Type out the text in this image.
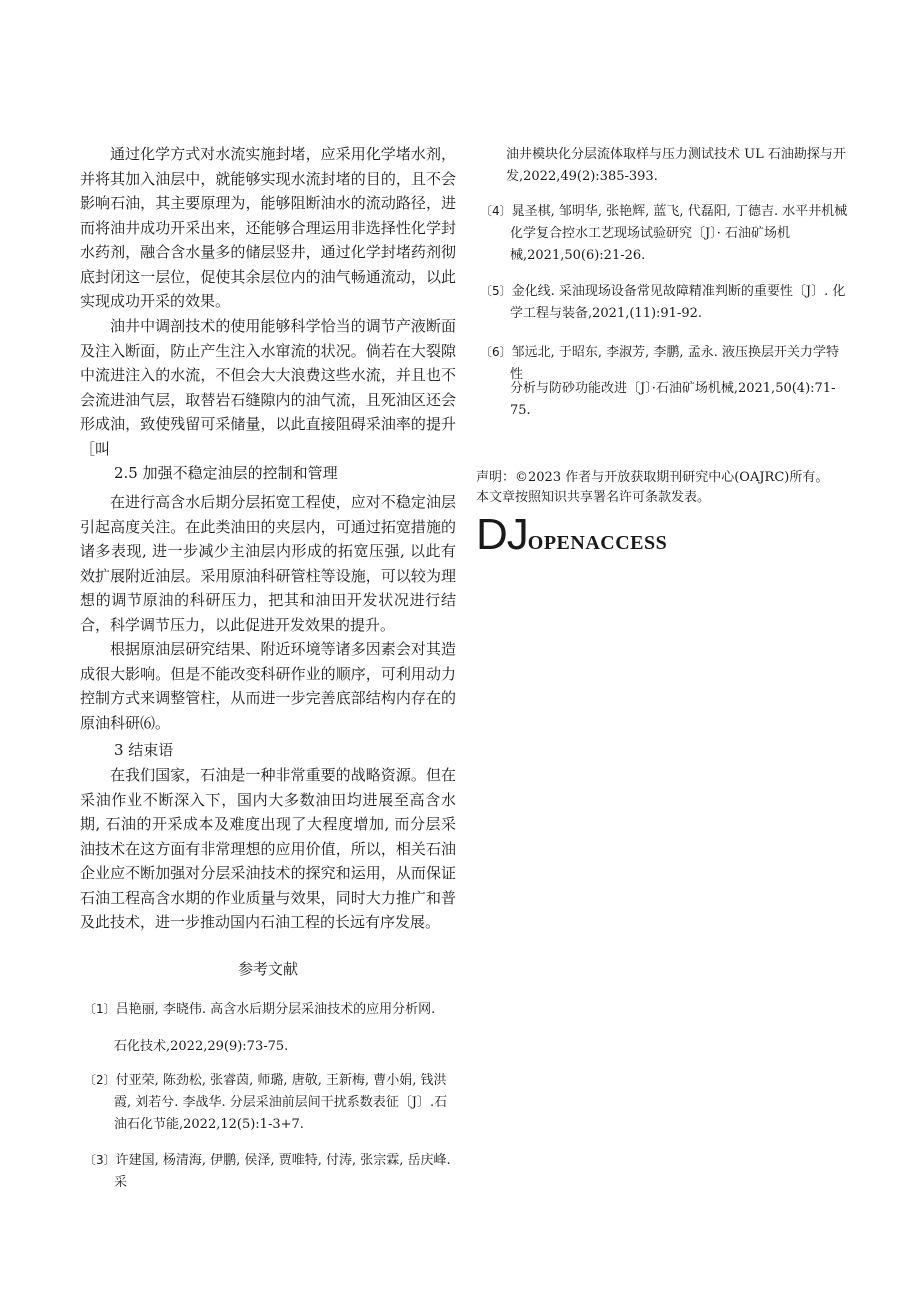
通过化学方式对水流实施封堵，应采用化学堵水剂，并将其加入油层中，就能够实现水流封堵的目的，且不会影响石油，其主要原理为，能够阻断油水的流动路径，进而将油井成功开采出来，还能够合理运用非选择性化学封水药剂，融合含水量多的储层竖井，通过化学封堵药剂彻底封闭这一层位，促使其余层位内的油气畅通流动，以此实现成功开采的效果。

油井中调剖技术的使用能够科学恰当的调节产液断面及注入断面，防止产生注入水窜流的状况。倘若在大裂隙中流进注入的水流，不但会大大浪费这些水流，并且也不会流进油气层，取替岩石缝隙内的油气流，且死油区还会形成油，致使残留可采储量，以此直接阻碍采油率的提升［叫

2.5 加强不稳定油层的控制和管理

在进行高含水后期分层拓宽工程使，应对不稳定油层引起高度关注。在此类油田的夹层内，可通过拓宽措施的诸多表现, 进一步减少主油层内形成的拓宽压强, 以此有效扩展附近油层。采用原油科研管柱等设施，可以较为理想的调节原油的科研压力，把其和油田开发状况进行结合，科学调节压力，以此促进开发效果的提升。

根据原油层研究结果、附近环境等诸多因素会对其造成很大影响。但是不能改变科研作业的顺序，可利用动力控制方式来调整管柱，从而进一步完善底部结构内存在的原油科研⑹。

3 结束语

在我们国家，石油是一种非常重要的战略资源。但在采油作业不断深入下，国内大多数油田均进展至高含水期, 石油的开采成本及难度出现了大程度增加, 而分层采油技术在这方面有非常理想的应用价值，所以，相关石油企业应不断加强对分层采油技术的探究和运用，从而保证石油工程高含水期的作业质量与效果，同时大力推广和普及此技术，进一步推动国内石油工程的长远有序发展。

参考文献

〔1〕吕艳丽, 李晓伟. 高含水后期分层采油技术的应用分析网.

石化技术,2022,29(9):73-75.

〔2〕付亚荣, 陈劲松, 张睿茵, 师璐, 唐敬, 王新梅, 曹小娟, 钱洪霞, 刘若兮. 李战华. 分层采油前层间干扰系数表征〔J〕.石油石化节能,2022,12(5):1-3+7.

〔3〕许建国, 杨清海, 伊鹏, 侯泽, 贾唯特, 付涛, 张宗霖, 岳庆峰. 采

油井模块化分层流体取样与压力测试技术 UL 石油勘探与开发,2022,49(2):385-393.

〔4〕晁圣棋, 邹明华, 张艳辉, 蓝飞, 代磊阳, 丁德吉. 水平井机械化学复合控水工艺现场试验研究〔J〕· 石油矿场机械,2021,50(6):21-26.

〔5〕金化线. 采油现场设备常见故障精准判断的重要性〔J〕. 化学工程与装备,2021,(11):91-92.

〔6〕邹远北, 于昭东, 李淑芳, 李鹏, 孟永. 液压换层开关力学特性

分析与防砂功能改进〔J〕·石油矿场机械,2021,50(4):71-75.

声明：©2023 作者与开放获取期刊研究中心(OAJRC)所有。本文章按照知识共享署名许可条款发表。

DJOPENACCESS
